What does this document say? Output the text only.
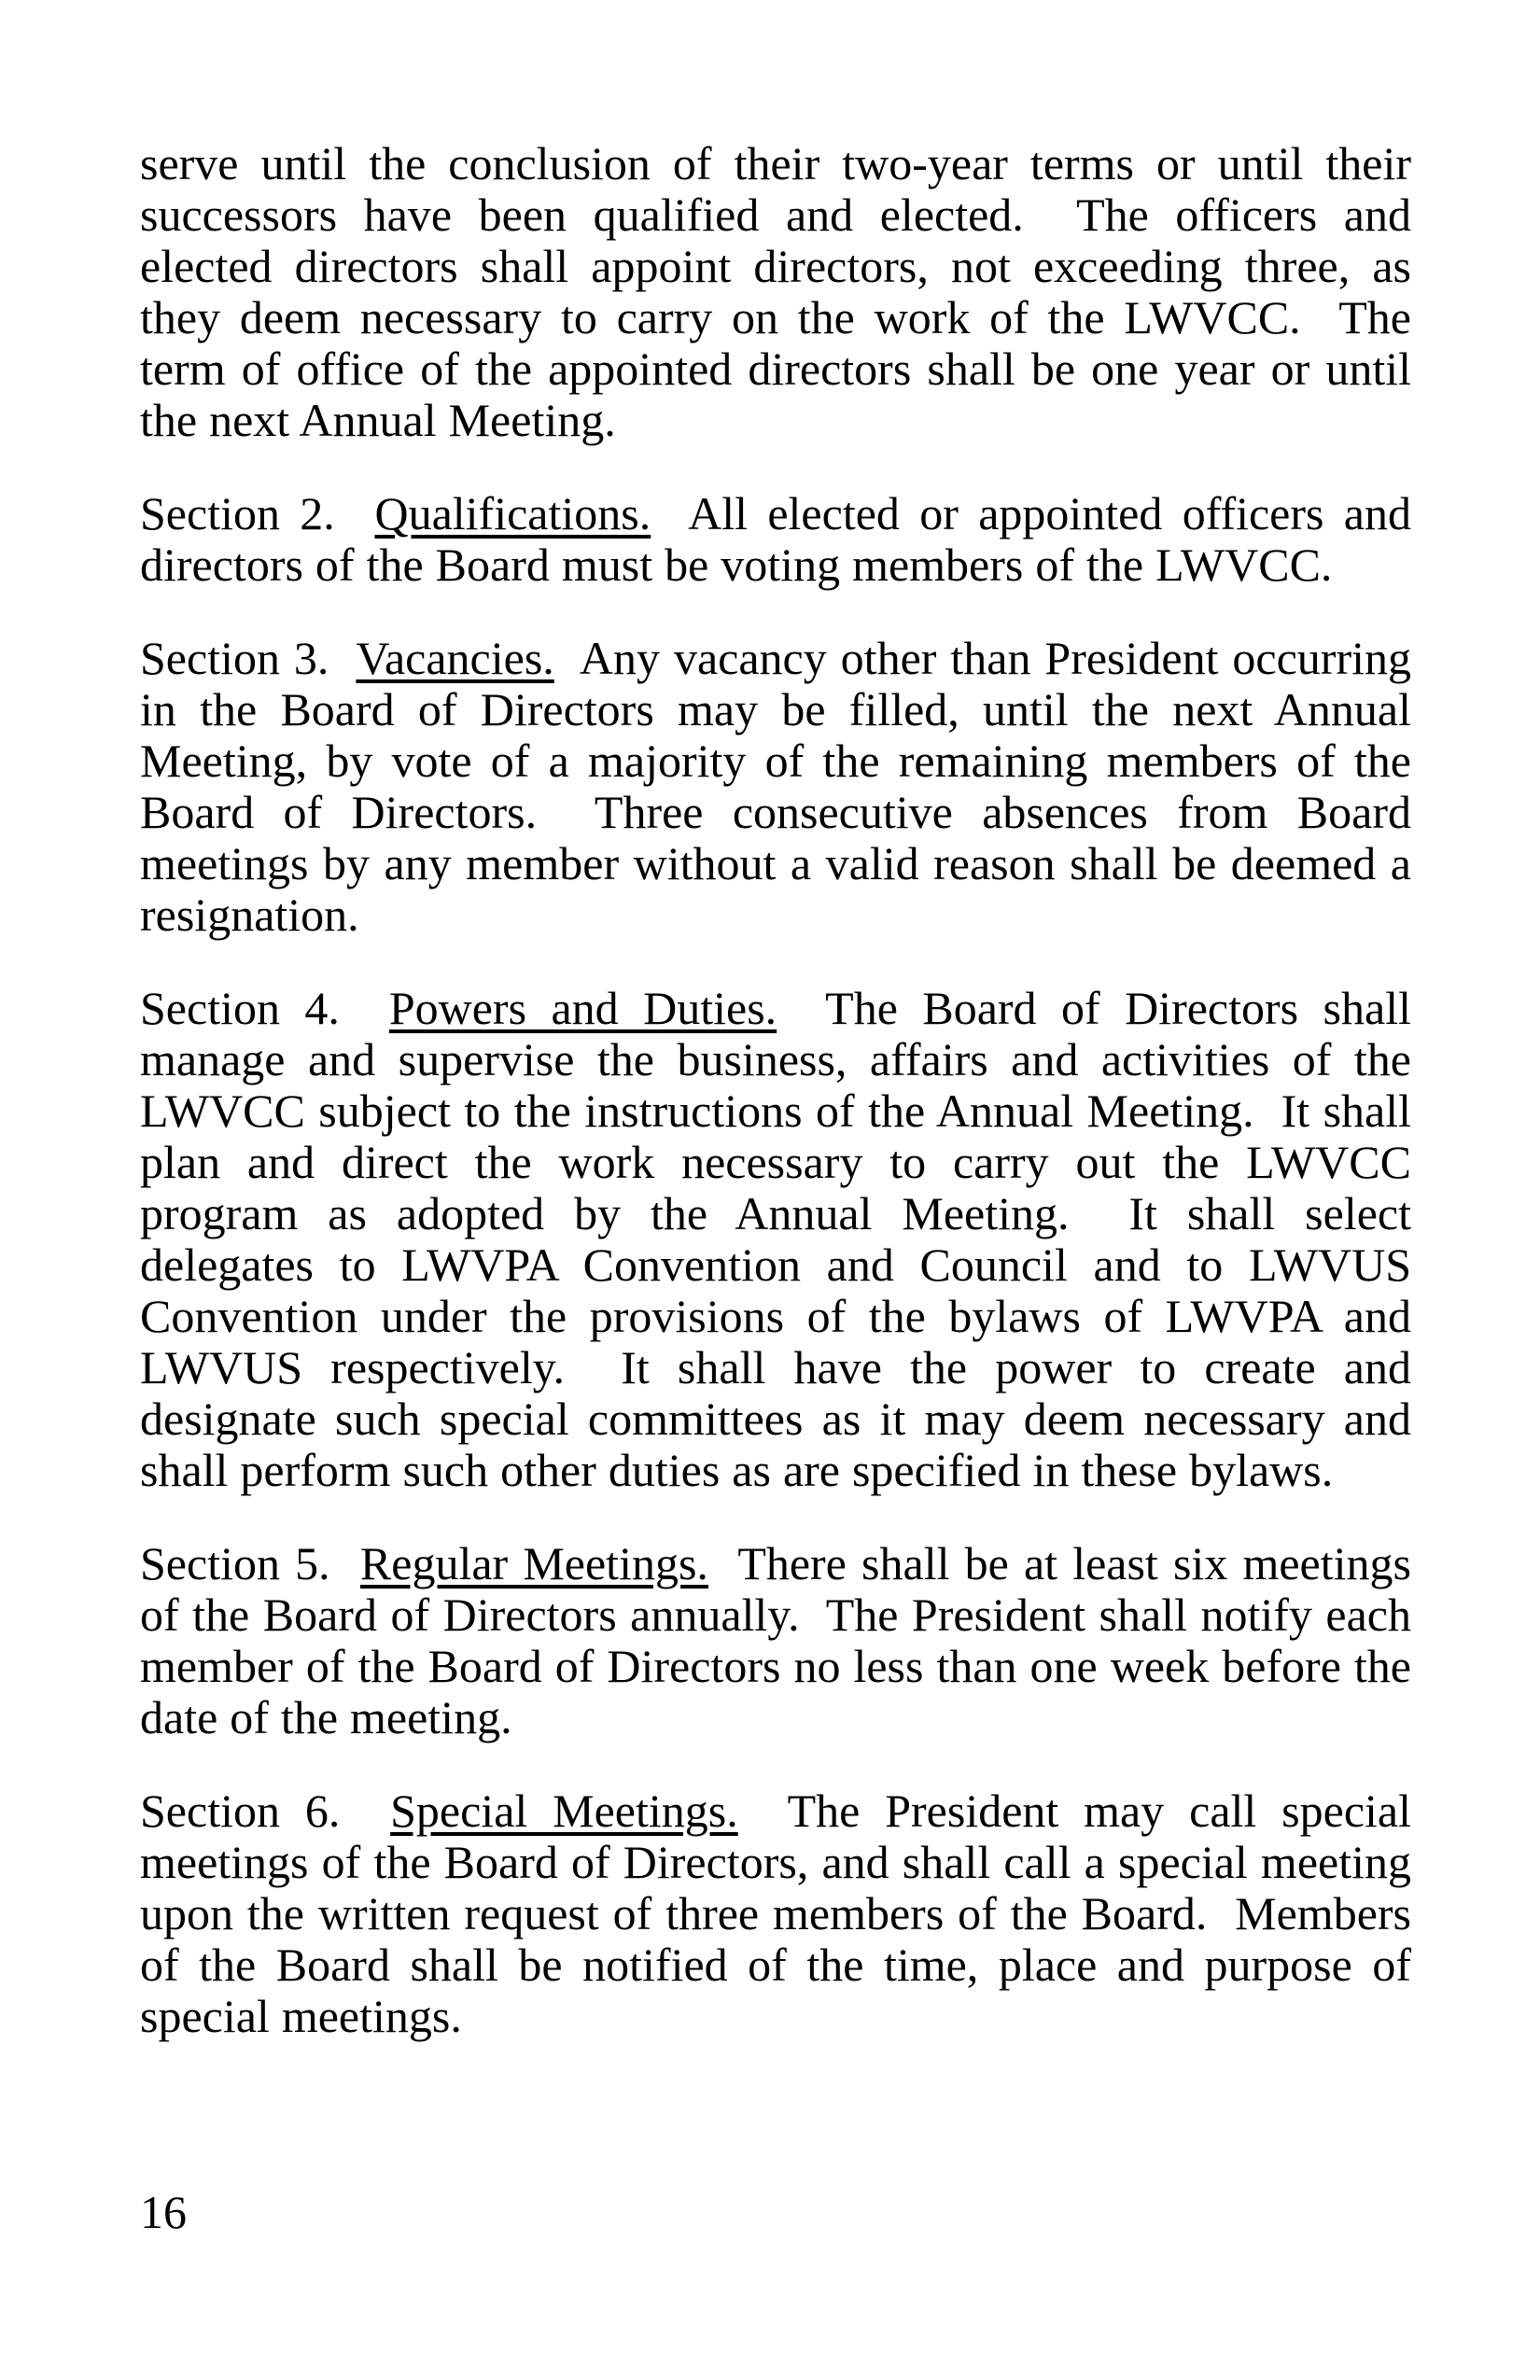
serve until the conclusion of their two-year terms or until their successors have been qualified and elected.  The officers and elected directors shall appoint directors, not exceeding three, as they deem necessary to carry on the work of the LWVCC.  The term of office of the appointed directors shall be one year or until the next Annual Meeting.

Section 2.  Qualifications.  All elected or appointed officers and directors of the Board must be voting members of the LWVCC.

Section 3.  Vacancies.  Any vacancy other than President occurring in the Board of Directors may be filled, until the next Annual Meeting, by vote of a majority of the remaining members of the Board of Directors.  Three consecutive absences from Board meetings by any member without a valid reason shall be deemed a resignation.

Section 4.  Powers and Duties.  The Board of Directors shall manage and supervise the business, affairs and activities of the LWVCC subject to the instructions of the Annual Meeting.  It shall plan and direct the work necessary to carry out the LWVCC program as adopted by the Annual Meeting.  It shall select delegates to LWVPA Convention and Council and to LWVUS Convention under the provisions of the bylaws of LWVPA and LWVUS respectively.  It shall have the power to create and designate such special committees as it may deem necessary and shall perform such other duties as are specified in these bylaws.

Section 5.  Regular Meetings.  There shall be at least six meetings of the Board of Directors annually.  The President shall notify each member of the Board of Directors no less than one week before the date of the meeting.

Section 6.  Special Meetings.  The President may call special meetings of the Board of Directors, and shall call a special meeting upon the written request of three members of the Board.  Members of the Board shall be notified of the time, place and purpose of special meetings.

16
